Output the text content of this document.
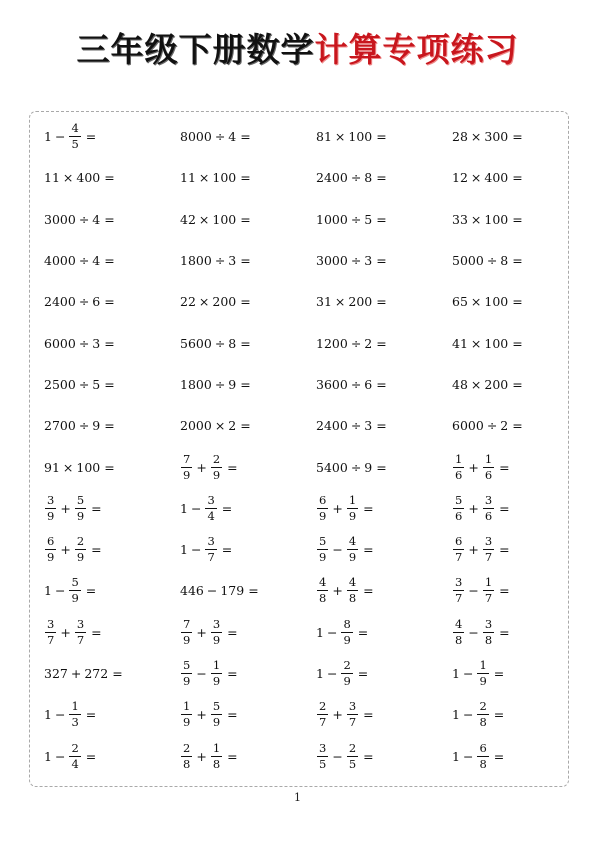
三年级下册数学计算专项练习
$1 - \frac{4}{5}$ =	8000 ÷ 4 =	81 × 100 =	28 × 300 =
11 × 400 =	11 × 100 =	2400 ÷ 8 =	12 × 400 =
3000 ÷ 4 =	42 × 100 =	1000 ÷ 5 =	33 × 100 =
4000 ÷ 4 =	1800 ÷ 3 =	3000 ÷ 3 =	5000 ÷ 8 =
2400 ÷ 6 =	22 × 200 =	31 × 200 =	65 × 100 =
6000 ÷ 3 =	5600 ÷ 8 =	1200 ÷ 2 =	41 × 100 =
2500 ÷ 5 =	1800 ÷ 9 =	3600 ÷ 6 =	48 × 200 =
2700 ÷ 9 =	2000 × 2 =	2400 ÷ 3 =	6000 ÷ 2 =
91 × 100 =	$\frac{7}{9} + \frac{2}{9}$ =	5400 ÷ 9 =	$\frac{1}{6} + \frac{1}{6}$ =
$\frac{3}{9} + \frac{5}{9}$ =	$1 - \frac{3}{4}$ =	$\frac{6}{9} + \frac{1}{9}$ =	$\frac{5}{6} + \frac{3}{6}$ =
$\frac{6}{9} + \frac{2}{9}$ =	$1 - \frac{3}{7}$ =	$\frac{5}{9} - \frac{4}{9}$ =	$\frac{6}{7} + \frac{3}{7}$ =
$1 - \frac{5}{9}$ =	446 − 179 =	$\frac{4}{8} + \frac{4}{8}$ =	$\frac{3}{7} - \frac{1}{7}$ =
$\frac{3}{7} + \frac{3}{7}$ =	$\frac{7}{9} + \frac{3}{9}$ =	$1 - \frac{8}{9}$ =	$\frac{4}{8} - \frac{3}{8}$ =
327 + 272 =	$\frac{5}{9} - \frac{1}{9}$ =	$1 - \frac{2}{9}$ =	$1 - \frac{1}{9}$ =
$1 - \frac{1}{3}$ =	$\frac{1}{9} + \frac{5}{9}$ =	$\frac{2}{7} + \frac{3}{7}$ =	$1 - \frac{2}{8}$ =
$1 - \frac{2}{4}$ =	$\frac{2}{8} + \frac{1}{8}$ =	$\frac{3}{5} - \frac{2}{5}$ =	$1 - \frac{6}{8}$ =
1
